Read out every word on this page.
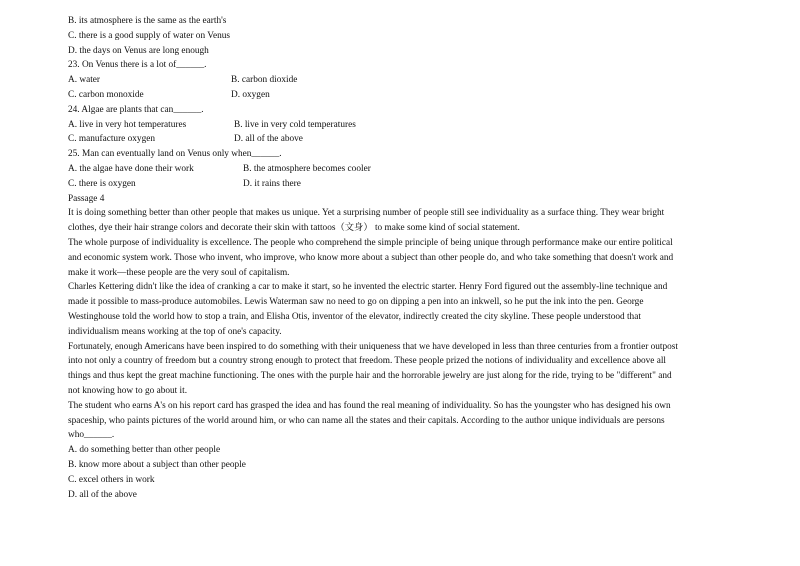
B. its atmosphere is the same as the earth's
C. there is a good supply of water on Venus
D. the days on Venus are long enough
23. On Venus there is a lot of______.
A. water	B. carbon dioxide
C. carbon monoxide	D. oxygen
24. Algae are plants that can______.
A. live in very hot temperatures	B. live in very cold temperatures
C. manufacture oxygen	D. all of the above
25. Man can eventually land on Venus only when______.
A. the algae have done their work	B. the atmosphere becomes cooler
C. there is oxygen	D. it rains there
Passage 4
It is doing something better than other people that makes us unique. Yet a surprising number of people still see individuality as a surface thing. They wear bright
clothes, dye their hair strange colors and decorate their skin with tattoos（文身） to make some kind of social statement.
The whole purpose of individuality is excellence. The people who comprehend the simple principle of being unique through performance make our entire political
and economic system work. Those who invent, who improve, who know more about a subject than other people do, and who take something that doesn't work and
make it work—these people are the very soul of capitalism.
Charles Kettering didn't like the idea of cranking a car to make it start, so he invented the electric starter. Henry Ford figured out the assembly-line technique and
made it possible to mass-produce automobiles. Lewis Waterman saw no need to go on dipping a pen into an inkwell, so he put the ink into the pen. George
Westinghouse told the world how to stop a train, and Elisha Otis, inventor of the elevator, indirectly created the city skyline. These people understood that
individualism means working at the top of one's capacity.
Fortunately, enough Americans have been inspired to do something with their uniqueness that we have developed in less than three centuries from a frontier outpost
into not only a country of freedom but a country strong enough to protect that freedom. These people prized the notions of individuality and excellence above all
things and thus kept the great machine functioning. The ones with the purple hair and the horrorable jewelry are just along for the ride, trying to be "different" and
not knowing how to go about it.
The student who earns A's on his report card has grasped the idea and has found the real meaning of individuality. So has the youngster who has designed his own
spaceship, who paints pictures of the world around him, or who can name all the states and their capitals. According to the author unique individuals are persons
who______.
A. do something better than other people
B. know more about a subject than other people
C. excel others in work
D. all of the above
